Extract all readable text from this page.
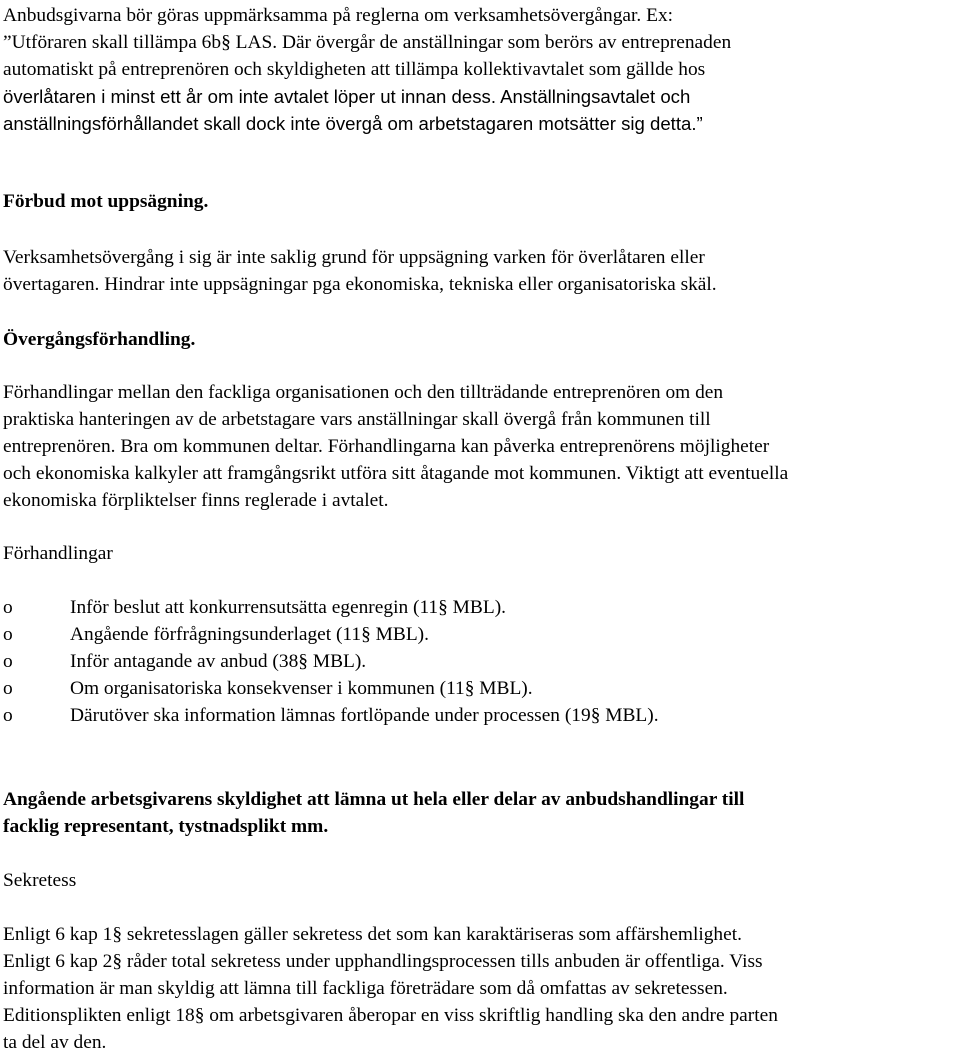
Anbudsgivarna bör göras uppmärksamma på reglerna om verksamhetsövergångar. Ex:

”Utföraren skall tillämpa 6b§ LAS. Där övergår de anställningar som berörs av entreprenaden

automatiskt på entreprenören och skyldigheten att tillämpa kollektivavtalet som gällde hos

överlåtaren i minst ett år om inte avtalet löper ut innan dess. Anställningsavtalet och

anställningsförhållandet skall dock inte övergå om arbetstagaren motsätter sig detta.”

Förbud mot uppsägning.

Verksamhetsövergång i sig är inte saklig grund för uppsägning varken för överlåtaren eller

övertagaren. Hindrar inte uppsägningar pga ekonomiska, tekniska eller organisatoriska skäl.

Övergångsförhandling.

Förhandlingar mellan den fackliga organisationen och den tillträdande entreprenören om den

praktiska hanteringen av de arbetstagare vars anställningar skall övergå från kommunen till

entreprenören. Bra om kommunen deltar. Förhandlingarna kan påverka entreprenörens möjligheter

och ekonomiska kalkyler att framgångsrikt utföra sitt åtagande mot kommunen. Viktigt att eventuella

ekonomiska förpliktelser finns reglerade i avtalet.

Förhandlingar

o	Inför beslut att konkurrensutsätta egenregin (11§ MBL).
o	Angående förfrågningsunderlaget (11§ MBL).
o	Inför antagande av anbud (38§ MBL).
o	Om organisatoriska konsekvenser i kommunen (11§ MBL).
o	Därutöver ska information lämnas fortlöpande under processen (19§ MBL).

Angående arbetsgivarens skyldighet att lämna ut hela eller delar av anbudshandlingar till

facklig representant, tystnadsplikt mm.

Sekretess

Enligt 6 kap 1§ sekretesslagen gäller sekretess det som kan karaktäriseras som affärshemlighet.

Enligt 6 kap 2§ råder total sekretess under upphandlingsprocessen tills anbuden är offentliga. Viss

information är man skyldig att lämna till fackliga företrädare som då omfattas av sekretessen.

Editionsplikten enligt 18§ om arbetsgivaren åberopar en viss skriftlig handling ska den andre parten

ta del av den.
